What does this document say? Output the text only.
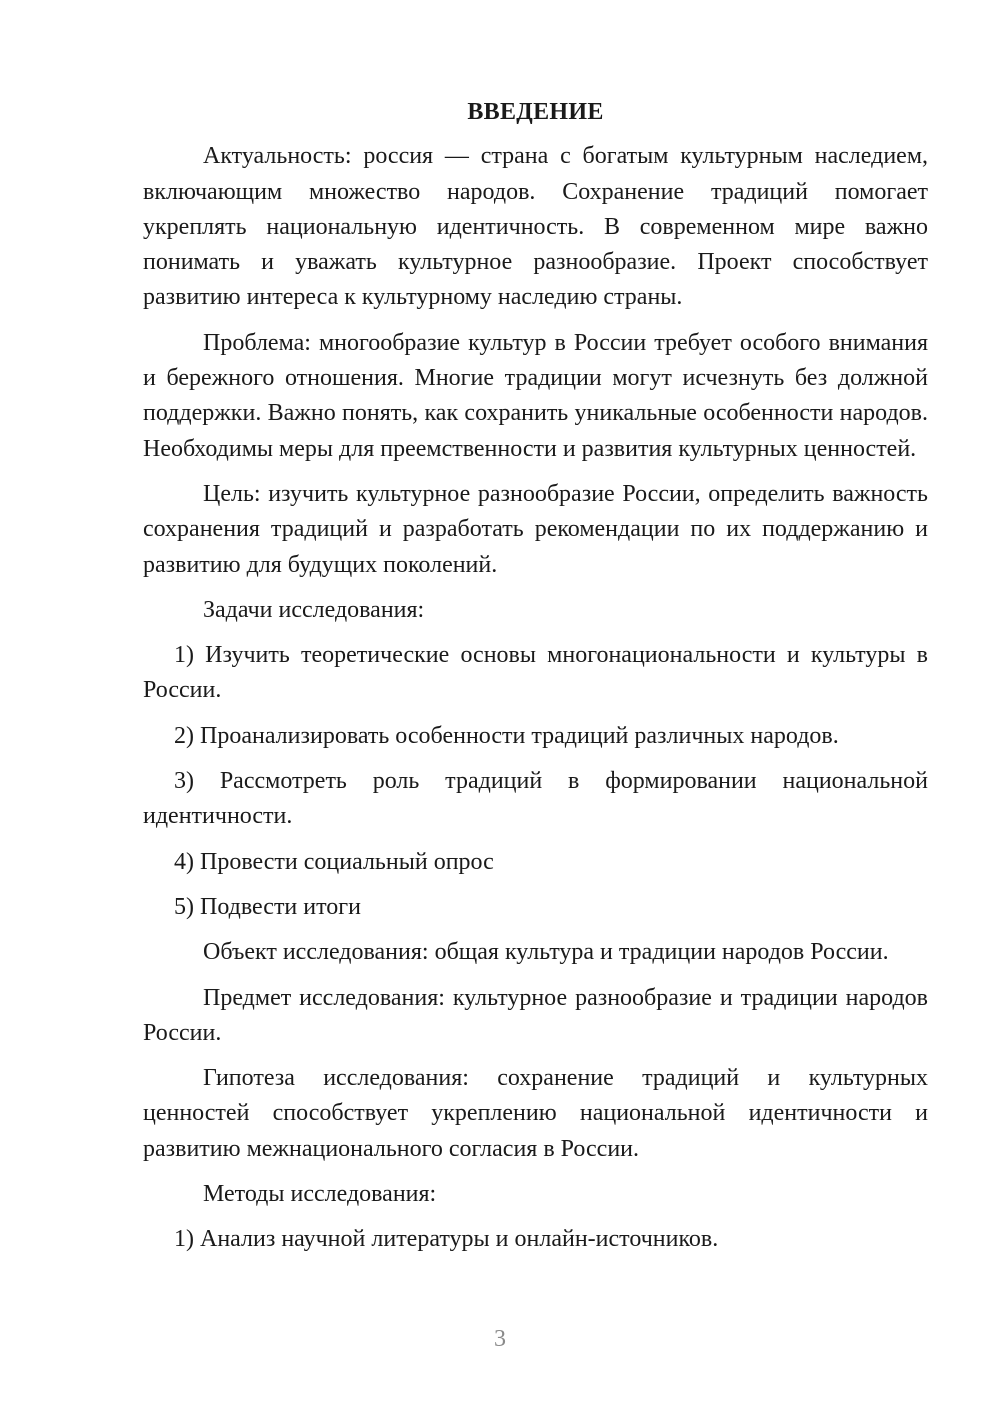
ВВЕДЕНИЕ
Актуальность: россия — страна с богатым культурным наследием, включающим множество народов. Сохранение традиций помогает укреплять национальную идентичность. В современном мире важно понимать и уважать культурное разнообразие. Проект способствует развитию интереса к культурному наследию страны.
Проблема: многообразие культур в России требует особого внимания и бережного отношения. Многие традиции могут исчезнуть без должной поддержки. Важно понять, как сохранить уникальные особенности народов. Необходимы меры для преемственности и развития культурных ценностей.
Цель: изучить культурное разнообразие России, определить важность сохранения традиций и разработать рекомендации по их поддержанию и развитию для будущих поколений.
Задачи исследования:
1) Изучить теоретические основы многонациональности и культуры в России.
2) Проанализировать особенности традиций различных народов.
3) Рассмотреть роль традиций в формировании национальной идентичности.
4) Провести социальный опрос
5) Подвести итоги
Объект исследования: общая культура и традиции народов России.
Предмет исследования: культурное разнообразие и традиции народов России.
Гипотеза исследования: сохранение традиций и культурных ценностей способствует укреплению национальной идентичности и развитию межнационального согласия в России.
Методы исследования:
1) Анализ научной литературы и онлайн-источников.
3
